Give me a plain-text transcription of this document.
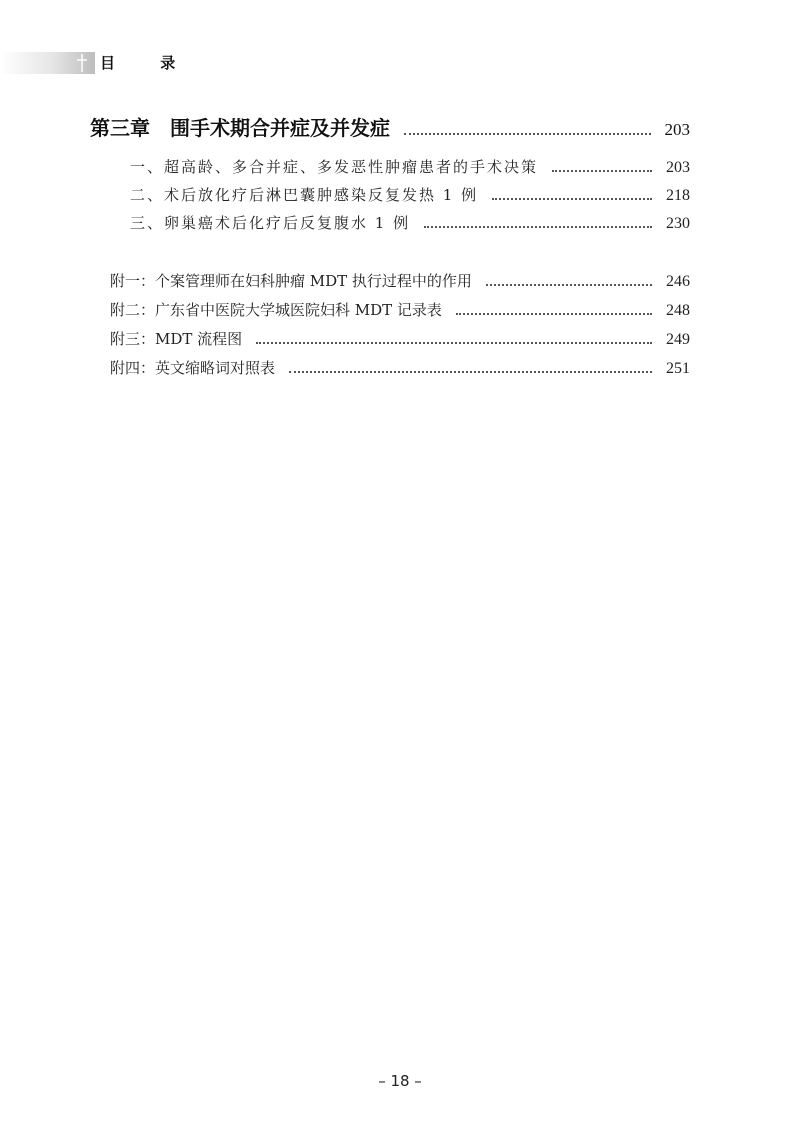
目 录
第三章　围手术期合并症及并发症	203
一、超高龄、多合并症、多发恶性肿瘤患者的手术决策	203
二、术后放化疗后淋巴囊肿感染反复发热 1 例	218
三、卵巢癌术后化疗后反复腹水 1 例	230
附一：个案管理师在妇科肿瘤 MDT 执行过程中的作用	246
附二：广东省中医院大学城医院妇科 MDT 记录表	248
附三：MDT 流程图	249
附四：英文缩略词对照表	251
– 18 –
